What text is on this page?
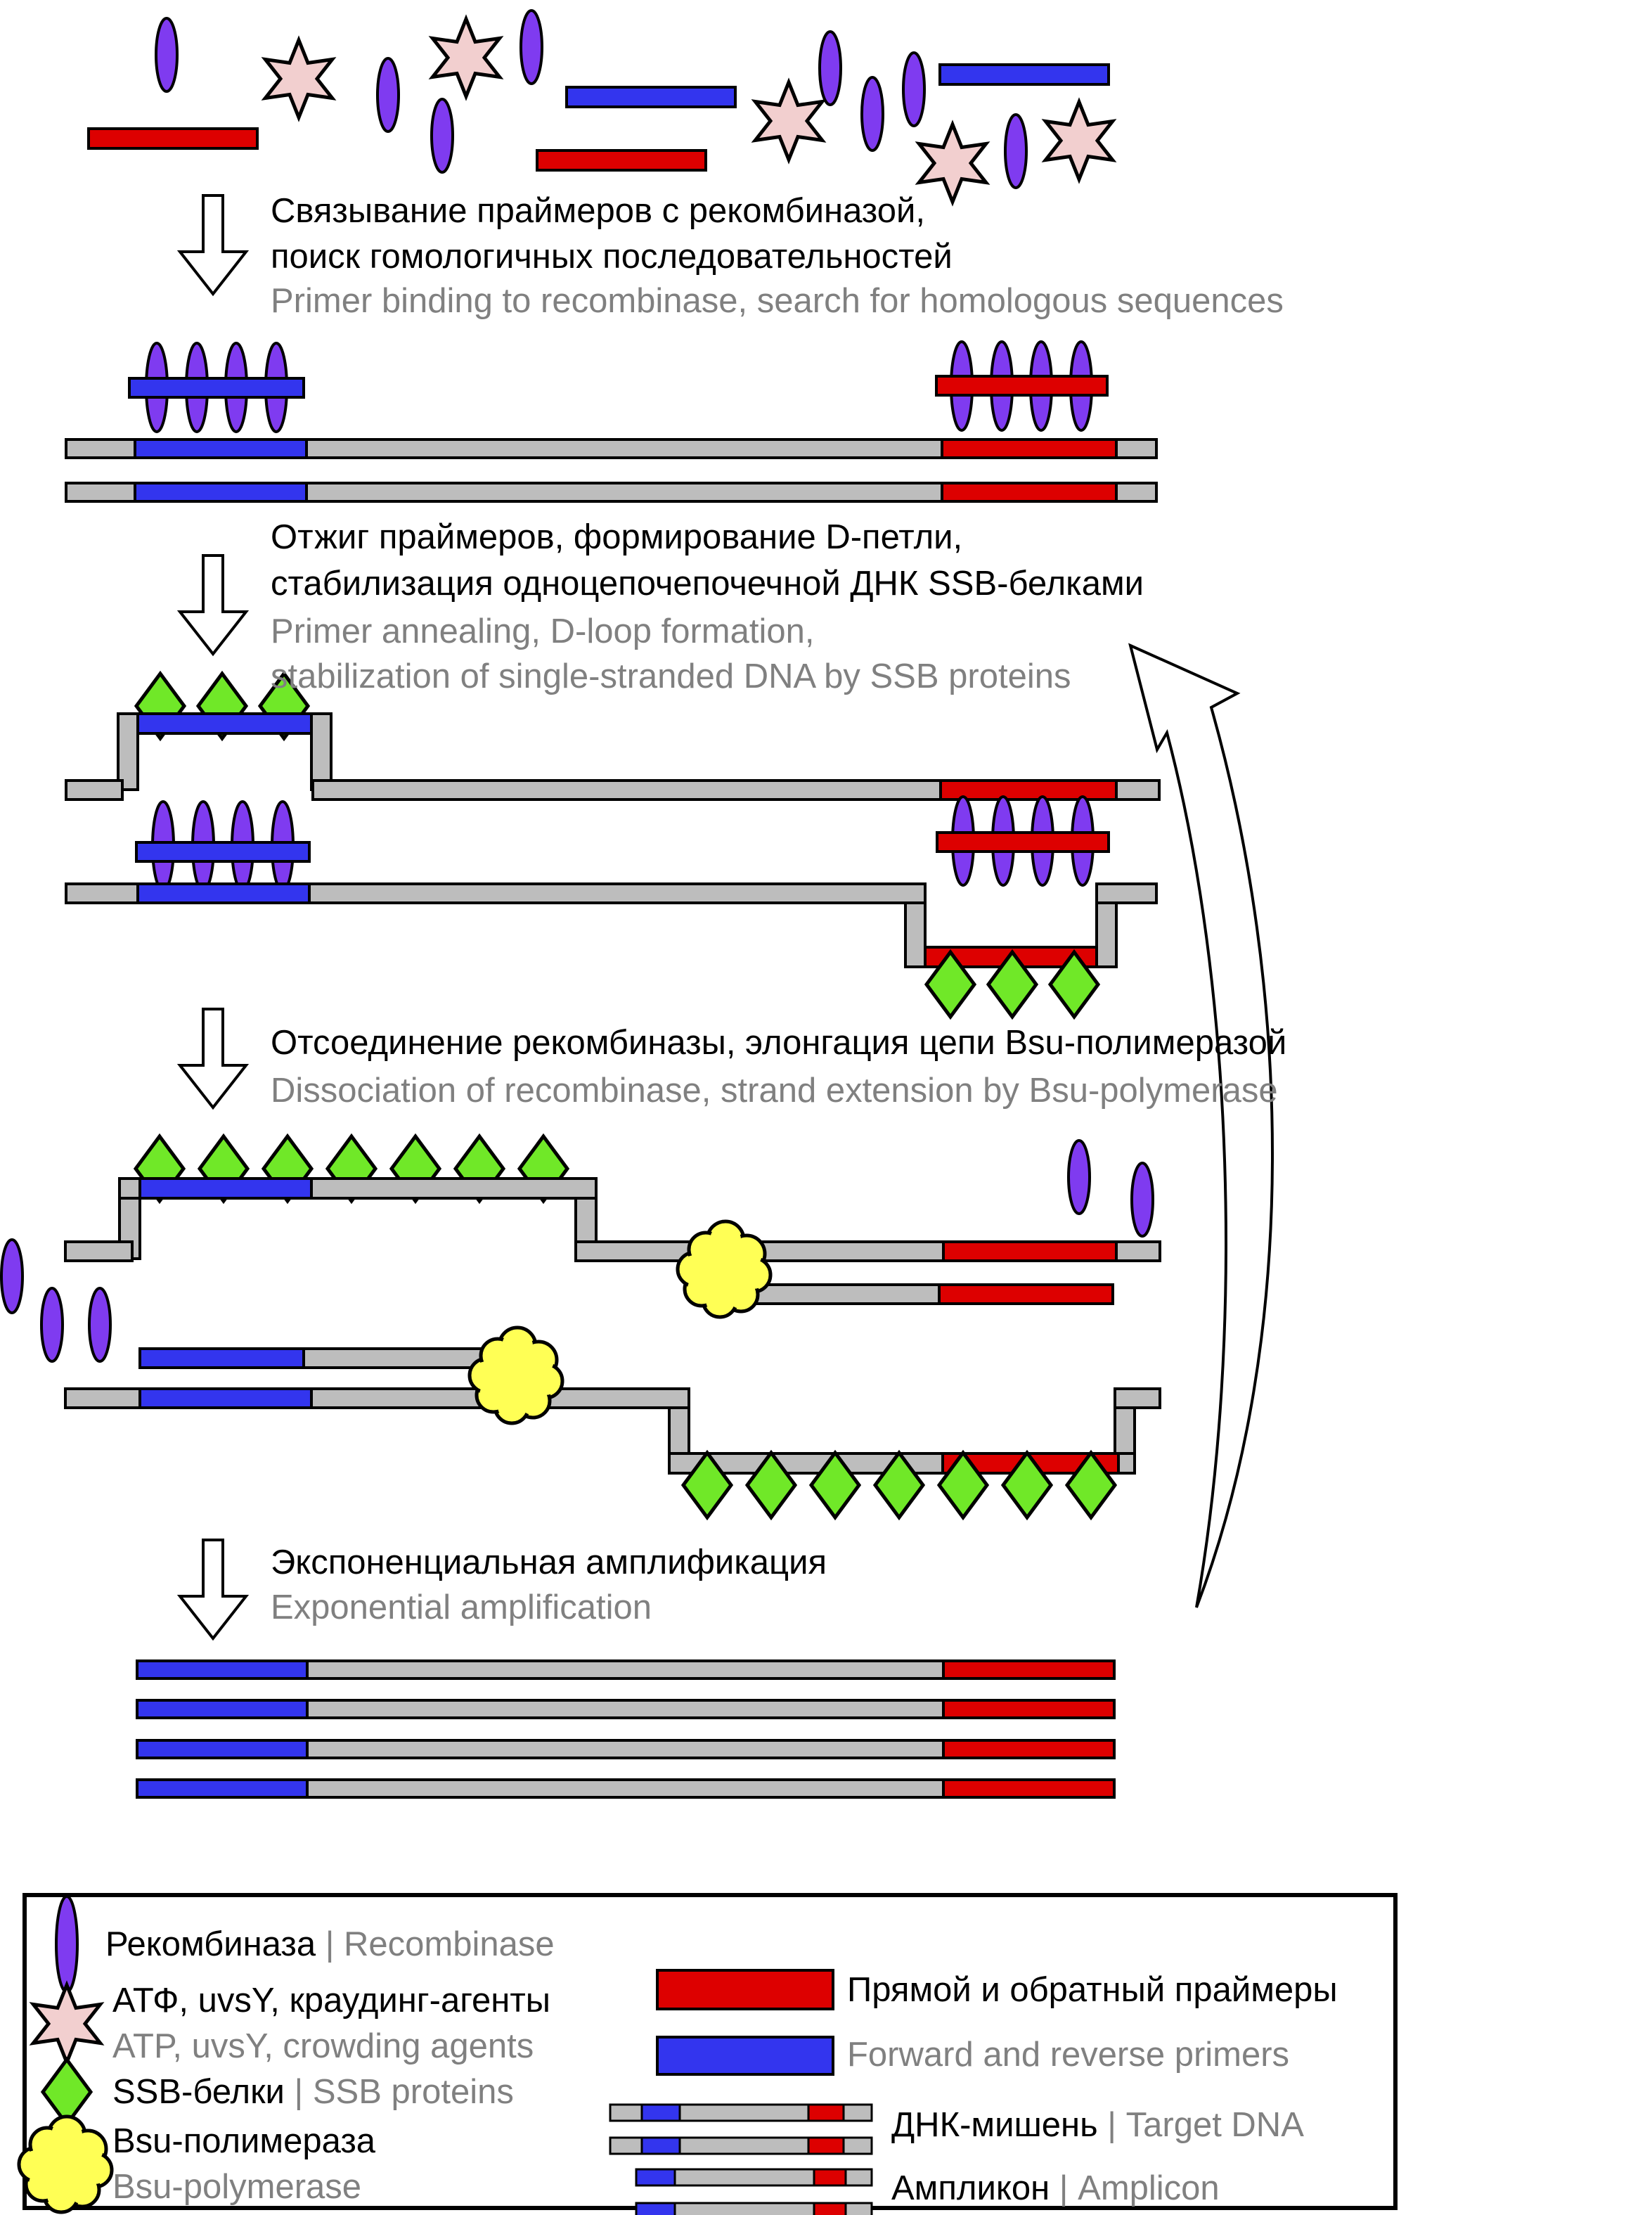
Связывание праймеров с рекомбиназой,
поиск гомологичных последовательностей
Primer binding to recombinase, search for homologous sequences
Отжиг праймеров, формирование D-петли,
стабилизация одноцепочепочечной ДНК SSB-белками
Primer annealing, D-loop formation,
stabilization of single-stranded DNA by SSB proteins
Отсоединение рекомбиназы, элонгация цепи Bsu-полимеразой
Dissociation of recombinase, strand extension by Bsu-polymerase
Экспоненциальная амплификация
Exponential amplification
Рекомбиназа | Recombinase
АТФ, uvsY, краудинг-агенты
ATP, uvsY, crowding agents
SSB-белки | SSB proteins
Bsu-полимераза
Bsu-polymerase
Прямой и обратный праймеры
Forward and reverse primers
ДНК-мишень | Target DNA
Ампликон | Amplicon
